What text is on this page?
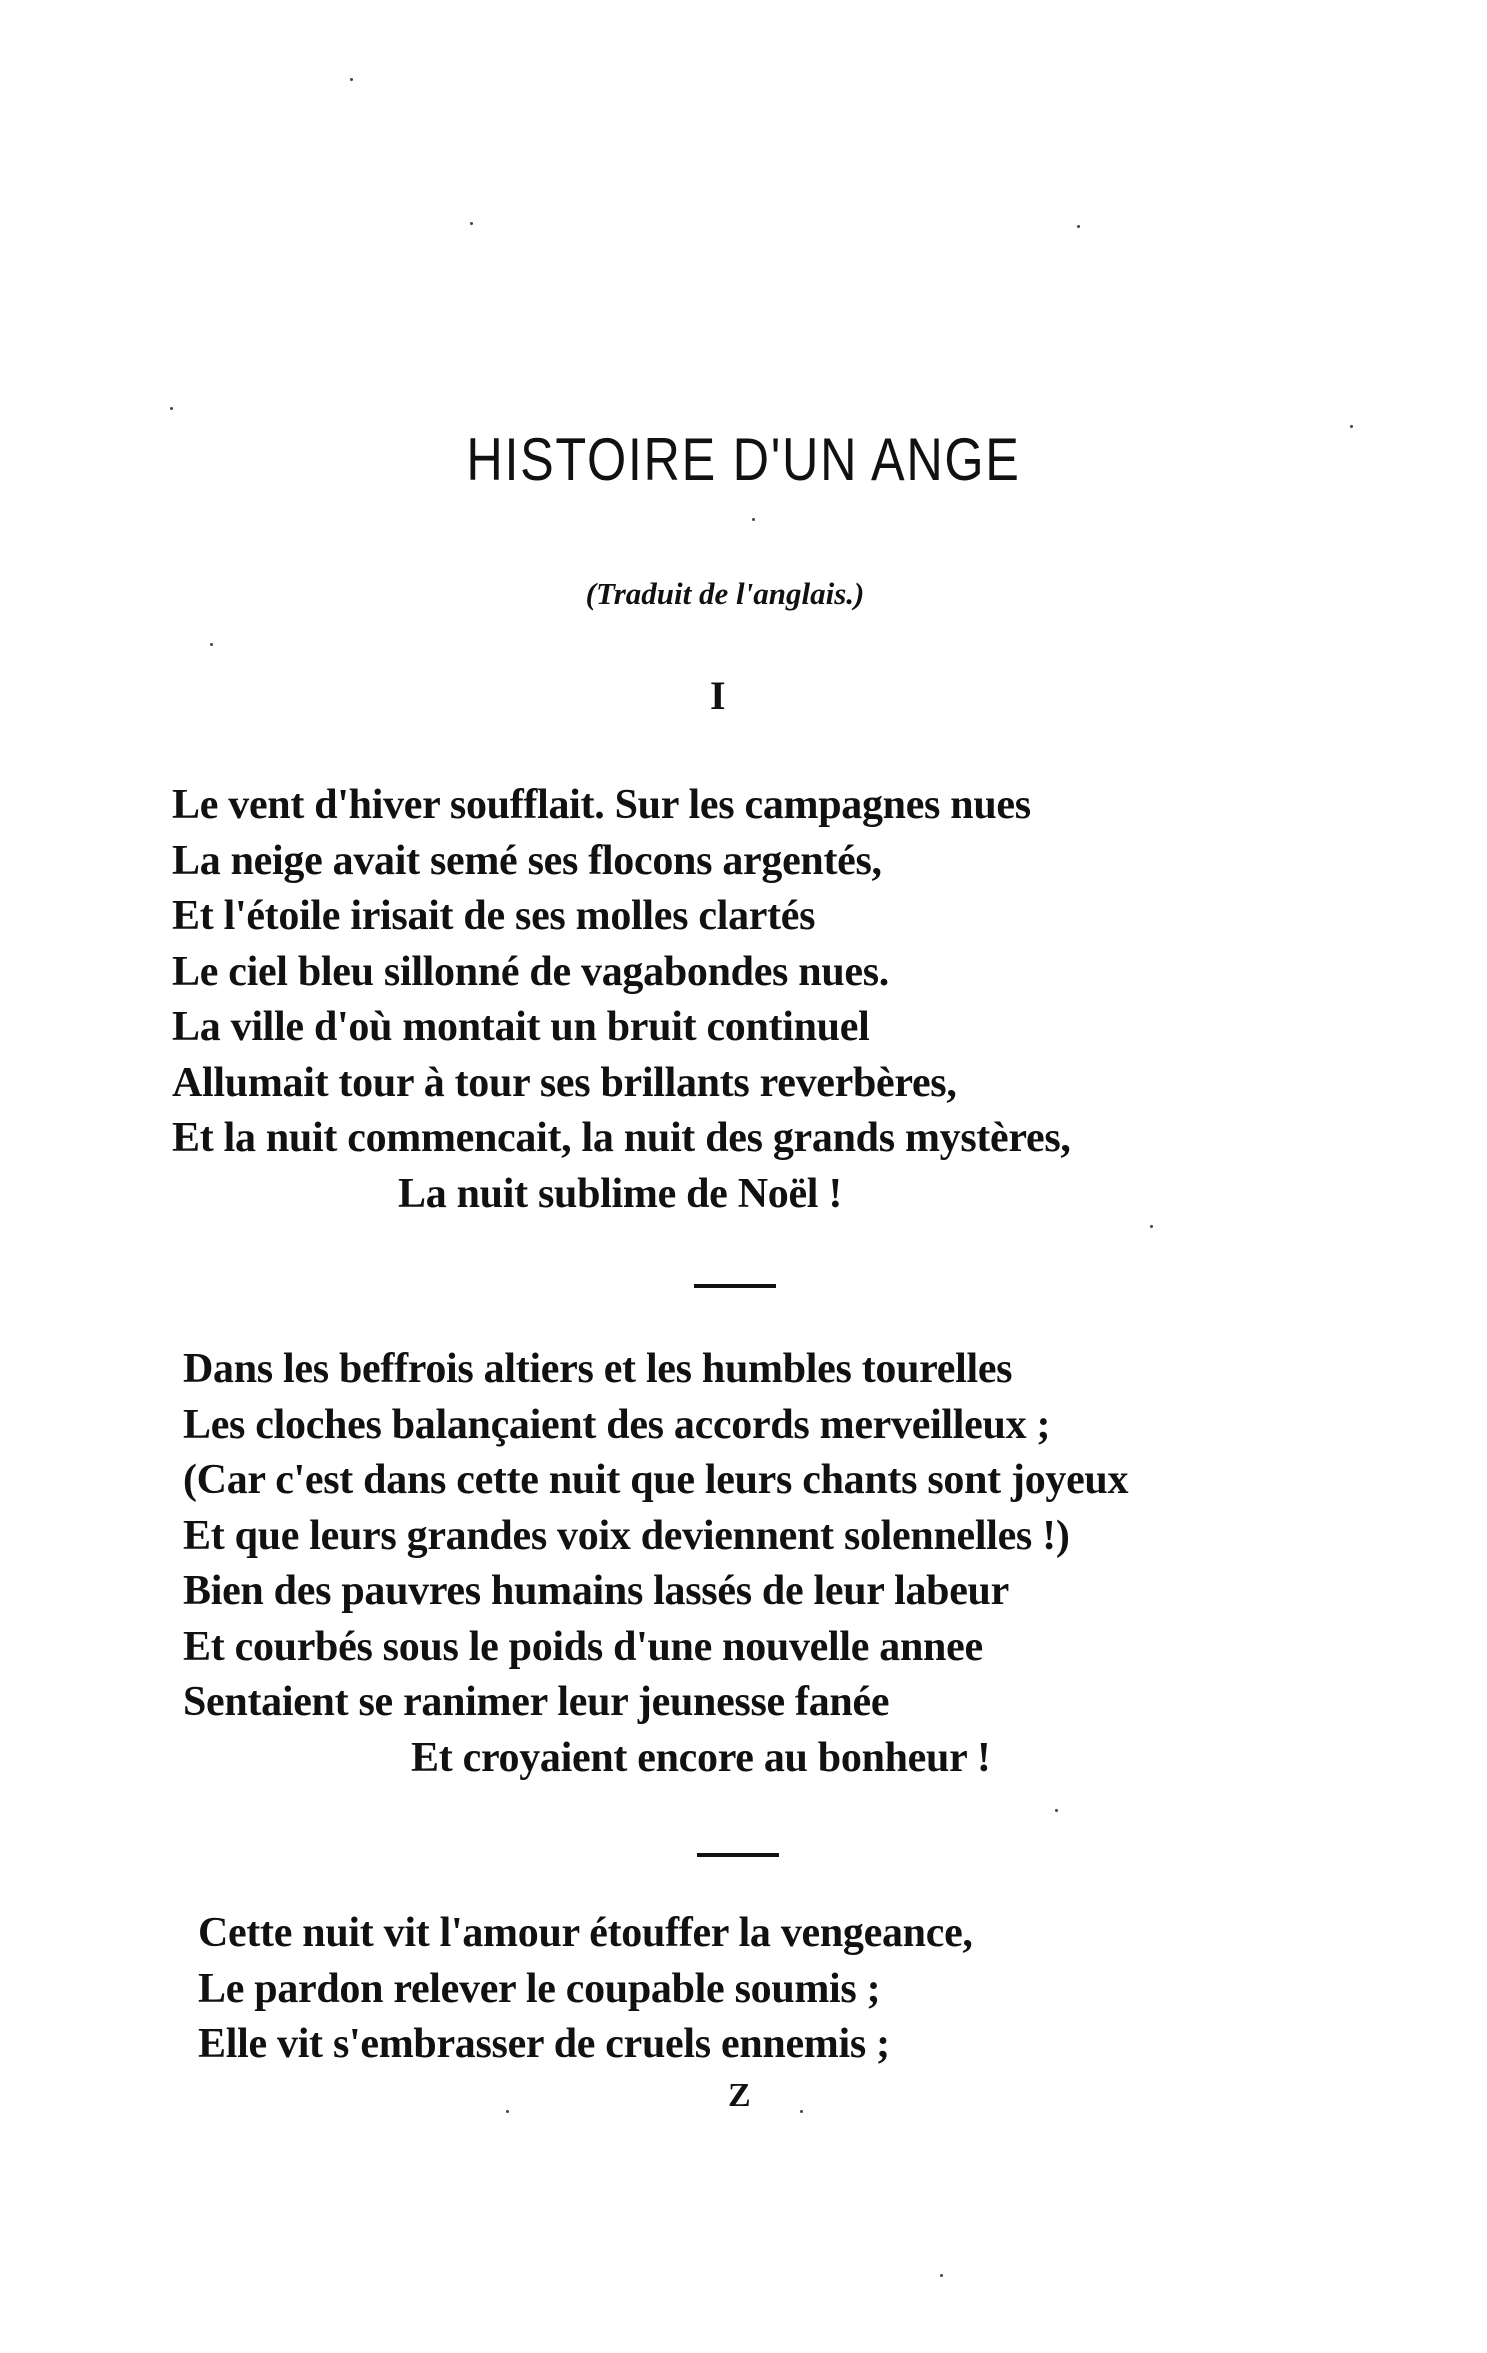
HISTOIRE D'UN ANGE
(Traduit de l'anglais.)
I
Le vent d'hiver soufflait. Sur les campagnes nues
La neige avait semé ses flocons argentés,
Et l'étoile irisait de ses molles clartés
Le ciel bleu sillonné de vagabondes nues.
La ville d'où montait un bruit continuel
Allumait tour à tour ses brillants reverbères,
Et la nuit commencait, la nuit des grands mystères,
La nuit sublime de Noël !
Dans les beffrois altiers et les humbles tourelles
Les cloches balançaient des accords merveilleux ;
(Car c'est dans cette nuit que leurs chants sont joyeux
Et que leurs grandes voix deviennent solennelles !)
Bien des pauvres humains lassés de leur labeur
Et courbés sous le poids d'une nouvelle annee
Sentaient se ranimer leur jeunesse fanée
Et croyaient encore au bonheur !
Cette nuit vit l'amour étouffer la vengeance,
Le pardon relever le coupable soumis ;
Elle vit s'embrasser de cruels ennemis ;
Z
